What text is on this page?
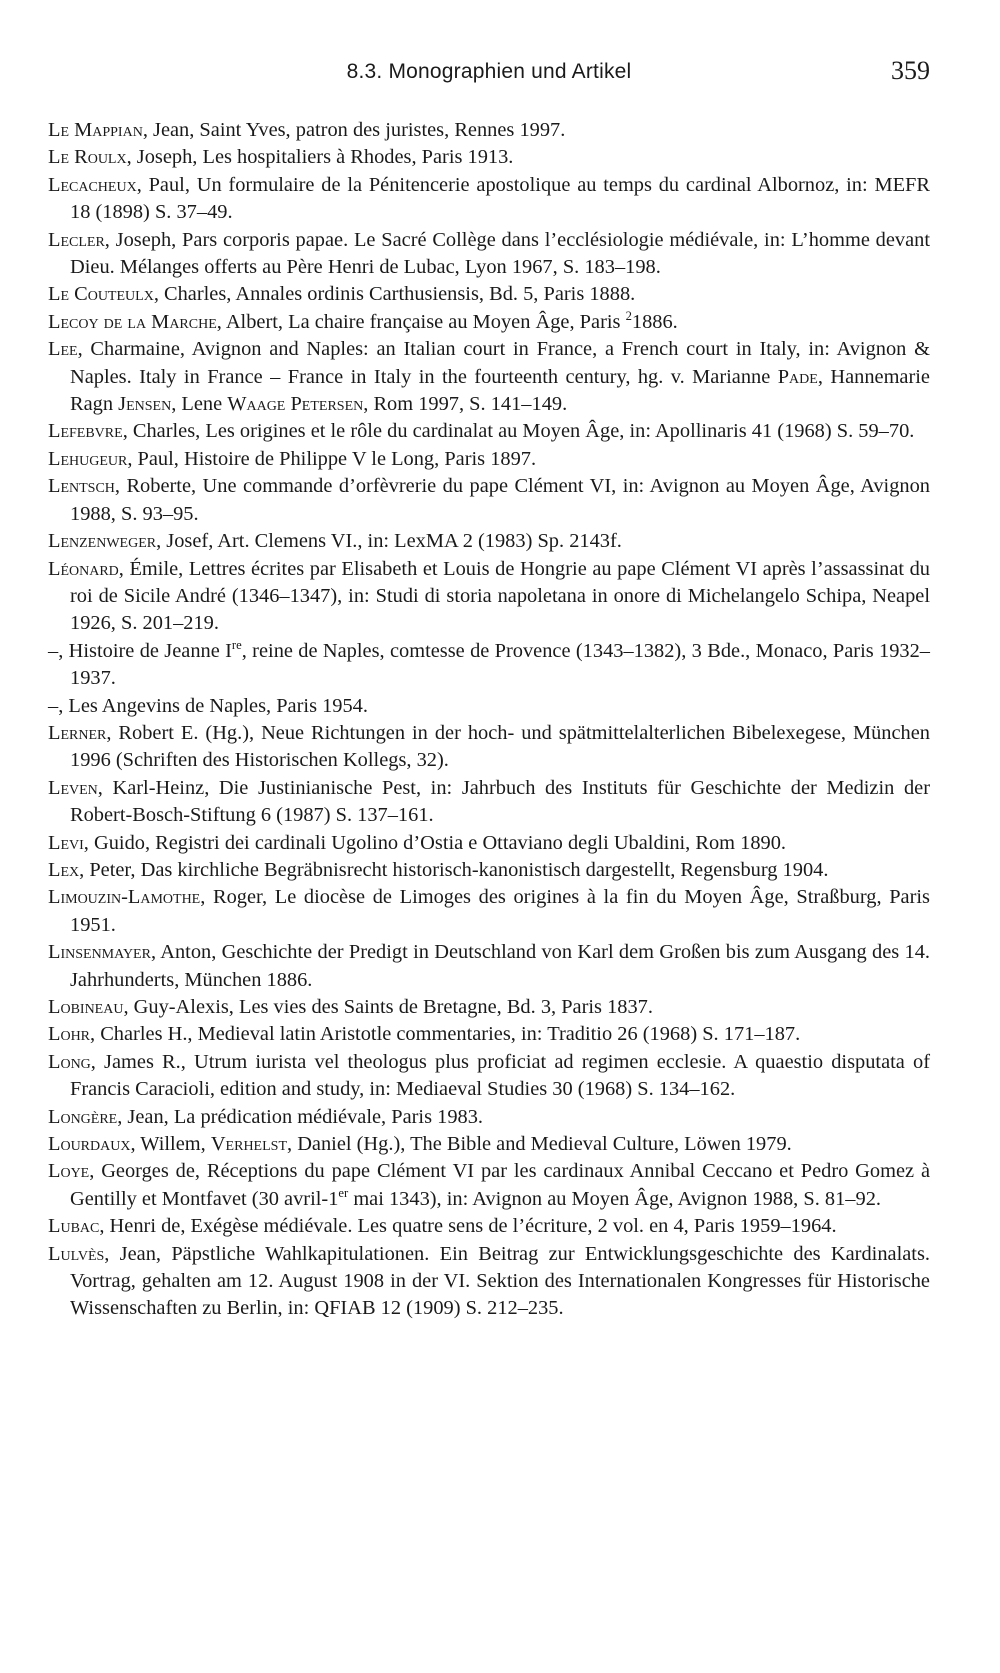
8.3. Monographien und Artikel	359

Le Mappian, Jean, Saint Yves, patron des juristes, Rennes 1997.

Le Roulx, Joseph, Les hospitaliers à Rhodes, Paris 1913.

Lecacheux, Paul, Un formulaire de la Pénitencerie apostolique au temps du cardinal Albornoz, in: MEFR 18 (1898) S. 37–49.

Lecler, Joseph, Pars corporis papae. Le Sacré Collège dans l’ecclésiologie médiévale, in: L’homme devant Dieu. Mélanges offerts au Père Henri de Lubac, Lyon 1967, S. 183–198.

Le Couteulx, Charles, Annales ordinis Carthusiensis, Bd. 5, Paris 1888.

Lecoy de la Marche, Albert, La chaire française au Moyen Âge, Paris $^2$1886.

Lee, Charmaine, Avignon and Naples: an Italian court in France, a French court in Italy, in: Avignon & Naples. Italy in France – France in Italy in the fourteenth century, hg. v. Marianne Pade, Hannemarie Ragn Jensen, Lene Waage Petersen, Rom 1997, S. 141–149.

Lefebvre, Charles, Les origines et le rôle du cardinalat au Moyen Âge, in: Apollinaris 41 (1968) S. 59–70.

Lehugeur, Paul, Histoire de Philippe V le Long, Paris 1897.

Lentsch, Roberte, Une commande d’orfèvrerie du pape Clément VI, in: Avignon au Moyen Âge, Avignon 1988, S. 93–95.

Lenzenweger, Josef, Art. Clemens VI., in: LexMA 2 (1983) Sp. 2143f.

Léonard, Émile, Lettres écrites par Elisabeth et Louis de Hongrie au pape Clément VI après l’assassinat du roi de Sicile André (1346–1347), in: Studi di storia napoletana in onore di Michelangelo Schipa, Neapel 1926, S. 201–219.

–, Histoire de Jeanne Ire, reine de Naples, comtesse de Provence (1343–1382), 3 Bde., Monaco, Paris 1932–1937.

–, Les Angevins de Naples, Paris 1954.

Lerner, Robert E. (Hg.), Neue Richtungen in der hoch- und spätmittelalterlichen Bibelexegese, München 1996 (Schriften des Historischen Kollegs, 32).

Leven, Karl-Heinz, Die Justinianische Pest, in: Jahrbuch des Instituts für Geschichte der Medizin der Robert-Bosch-Stiftung 6 (1987) S. 137–161.

Levi, Guido, Registri dei cardinali Ugolino d’Ostia e Ottaviano degli Ubaldini, Rom 1890.

Lex, Peter, Das kirchliche Begräbnisrecht historisch-kanonistisch dargestellt, Regensburg 1904.

Limouzin-Lamothe, Roger, Le diocèse de Limoges des origines à la fin du Moyen Âge, Straßburg, Paris 1951.

Linsenmayer, Anton, Geschichte der Predigt in Deutschland von Karl dem Großen bis zum Ausgang des 14. Jahrhunderts, München 1886.

Lobineau, Guy-Alexis, Les vies des Saints de Bretagne, Bd. 3, Paris 1837.

Lohr, Charles H., Medieval latin Aristotle commentaries, in: Traditio 26 (1968) S. 171–187.

Long, James R., Utrum iurista vel theologus plus proficiat ad regimen ecclesie. A quaestio disputata of Francis Caracioli, edition and study, in: Mediaeval Studies 30 (1968) S. 134–162.

Longère, Jean, La prédication médiévale, Paris 1983.

Lourdaux, Willem, Verhelst, Daniel (Hg.), The Bible and Medieval Culture, Löwen 1979.

Loye, Georges de, Réceptions du pape Clément VI par les cardinaux Annibal Ceccano et Pedro Gomez à Gentilly et Montfavet (30 avril-1er mai 1343), in: Avignon au Moyen Âge, Avignon 1988, S. 81–92.

Lubac, Henri de, Exégèse médiévale. Les quatre sens de l’écriture, 2 vol. en 4, Paris 1959–1964.

Lulvès, Jean, Päpstliche Wahlkapitulationen. Ein Beitrag zur Entwicklungsgeschichte des Kardinalats. Vortrag, gehalten am 12. August 1908 in der VI. Sektion des Internationalen Kongresses für Historische Wissenschaften zu Berlin, in: QFIAB 12 (1909) S. 212–235.
